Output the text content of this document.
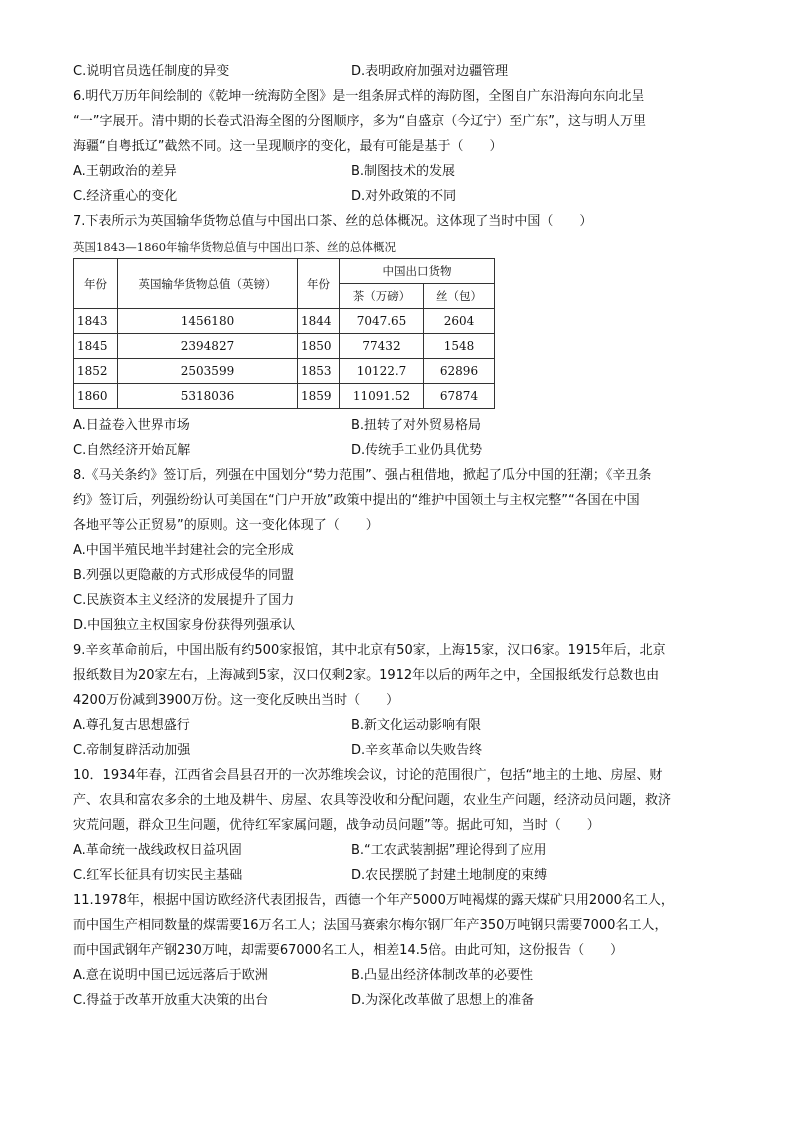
C.说明官员选任制度的异变	D.表明政府加强对边疆管理
6.明代万历年间绘制的《乾坤一统海防全图》是一组条屏式样的海防图，全图自广东沿海向东向北呈
“一”字展开。清中期的长卷式沿海全图的分图顺序，多为“自盛京（今辽宁）至广东”，这与明人万里
海疆“自粤抵辽”截然不同。这一呈现顺序的变化，最有可能是基于（　　）
A.王朝政治的差异	B.制图技术的发展
C.经济重心的变化	D.对外政策的不同
7.下表所示为英国输华货物总值与中国出口茶、丝的总体概况。这体现了当时中国（　　）
英国1843—1860年输华货物总值与中国出口茶、丝的总体概况
年份	英国输华货物总值（英镑）	年份	中国出口货物	
			茶（万磅）	丝（包）
1843	1456180	1844	7047.65	2604
1845	2394827	1850	77432	1548
1852	2503599	1853	10122.7	62896
1860	5318036	1859	11091.52	67874
A.日益卷入世界市场	B.扭转了对外贸易格局
C.自然经济开始瓦解	D.传统手工业仍具优势
8.《马关条约》签订后，列强在中国划分“势力范围”、强占租借地，掀起了瓜分中国的狂潮；《辛丑条
约》签订后，列强纷纷认可美国在“门户开放”政策中提出的“维护中国领土与主权完整”“各国在中国
各地平等公正贸易”的原则。这一变化体现了（　　）
A.中国半殖民地半封建社会的完全形成
B.列强以更隐蔽的方式形成侵华的同盟
C.民族资本主义经济的发展提升了国力
D.中国独立主权国家身份获得列强承认
9.辛亥革命前后，中国出版有约500家报馆，其中北京有50家，上海15家，汉口6家。1915年后，北京
报纸数目为20家左右，上海减到5家，汉口仅剩2家。1912年以后的两年之中，全国报纸发行总数也由
4200万份减到3900万份。这一变化反映出当时（　　）
A.尊孔复古思想盛行	B.新文化运动影响有限
C.帝制复辟活动加强	D.辛亥革命以失败告终
10．1934年春，江西省会昌县召开的一次苏维埃会议，讨论的范围很广，包括“地主的土地、房屋、财
产、农具和富农多余的土地及耕牛、房屋、农具等没收和分配问题，农业生产问题，经济动员问题，救济
灾荒问题，群众卫生问题，优待红军家属问题，战争动员问题”等。据此可知，当时（　　）
A.革命统一战线政权日益巩固	B.“工农武装割据”理论得到了应用
C.红军长征具有切实民主基础	D.农民摆脱了封建土地制度的束缚
11.1978年，根据中国访欧经济代表团报告，西德一个年产5000万吨褐煤的露天煤矿只用2000名工人，
而中国生产相同数量的煤需要16万名工人；法国马赛索尔梅尔钢厂年产350万吨钢只需要7000名工人，
而中国武钢年产钢230万吨，却需要67000名工人，相差14.5倍。由此可知，这份报告（　　）
A.意在说明中国已远远落后于欧洲	B.凸显出经济体制改革的必要性
C.得益于改革开放重大决策的出台	D.为深化改革做了思想上的准备
